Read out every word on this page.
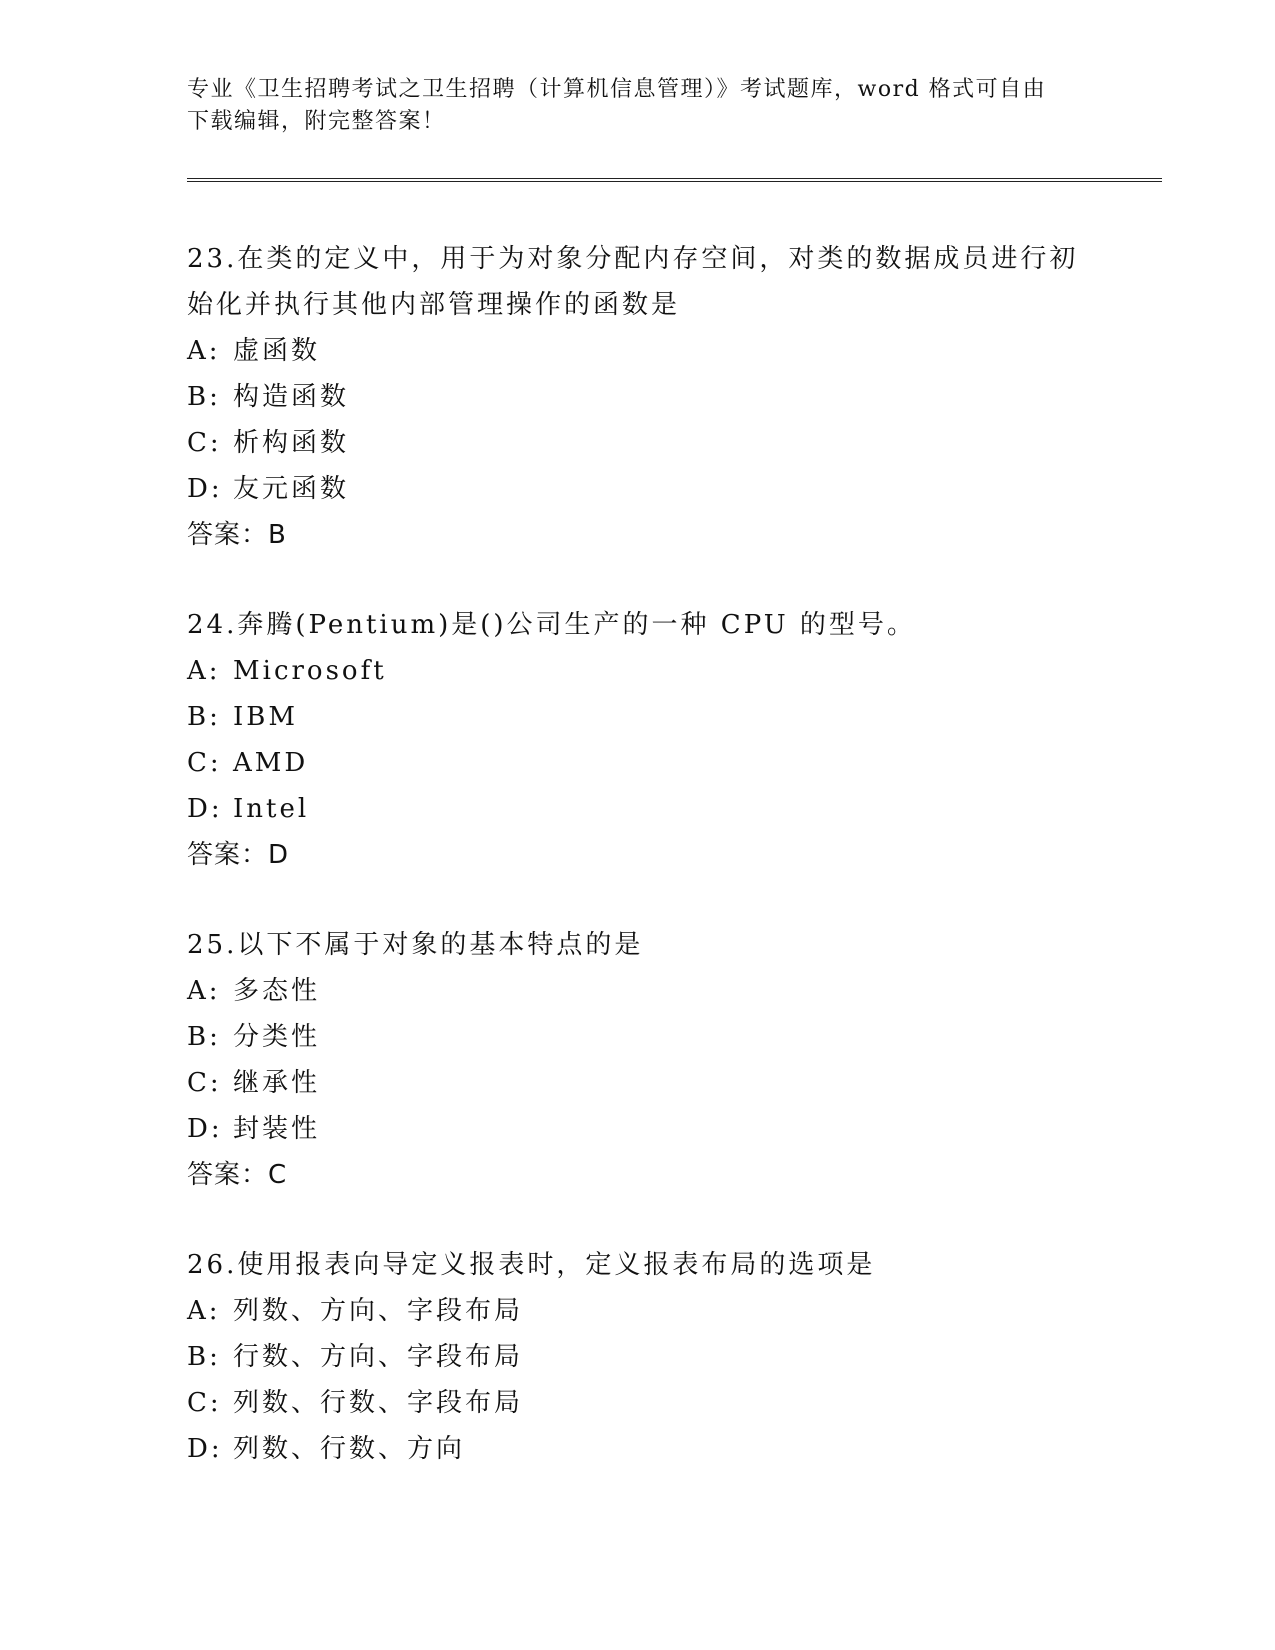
专业《卫生招聘考试之卫生招聘（计算机信息管理）》考试题库，word 格式可自由下载编辑，附完整答案！
23.在类的定义中，用于为对象分配内存空间，对类的数据成员进行初始化并执行其他内部管理操作的函数是
A: 虚函数
B: 构造函数
C: 析构函数
D: 友元函数
答案：B
24.奔腾(Pentium)是()公司生产的一种 CPU 的型号。
A: Microsoft
B: IBM
C: AMD
D: Intel
答案：D
25.以下不属于对象的基本特点的是
A: 多态性
B: 分类性
C: 继承性
D: 封装性
答案：C
26.使用报表向导定义报表时，定义报表布局的选项是
A: 列数、方向、字段布局
B: 行数、方向、字段布局
C: 列数、行数、字段布局
D: 列数、行数、方向
